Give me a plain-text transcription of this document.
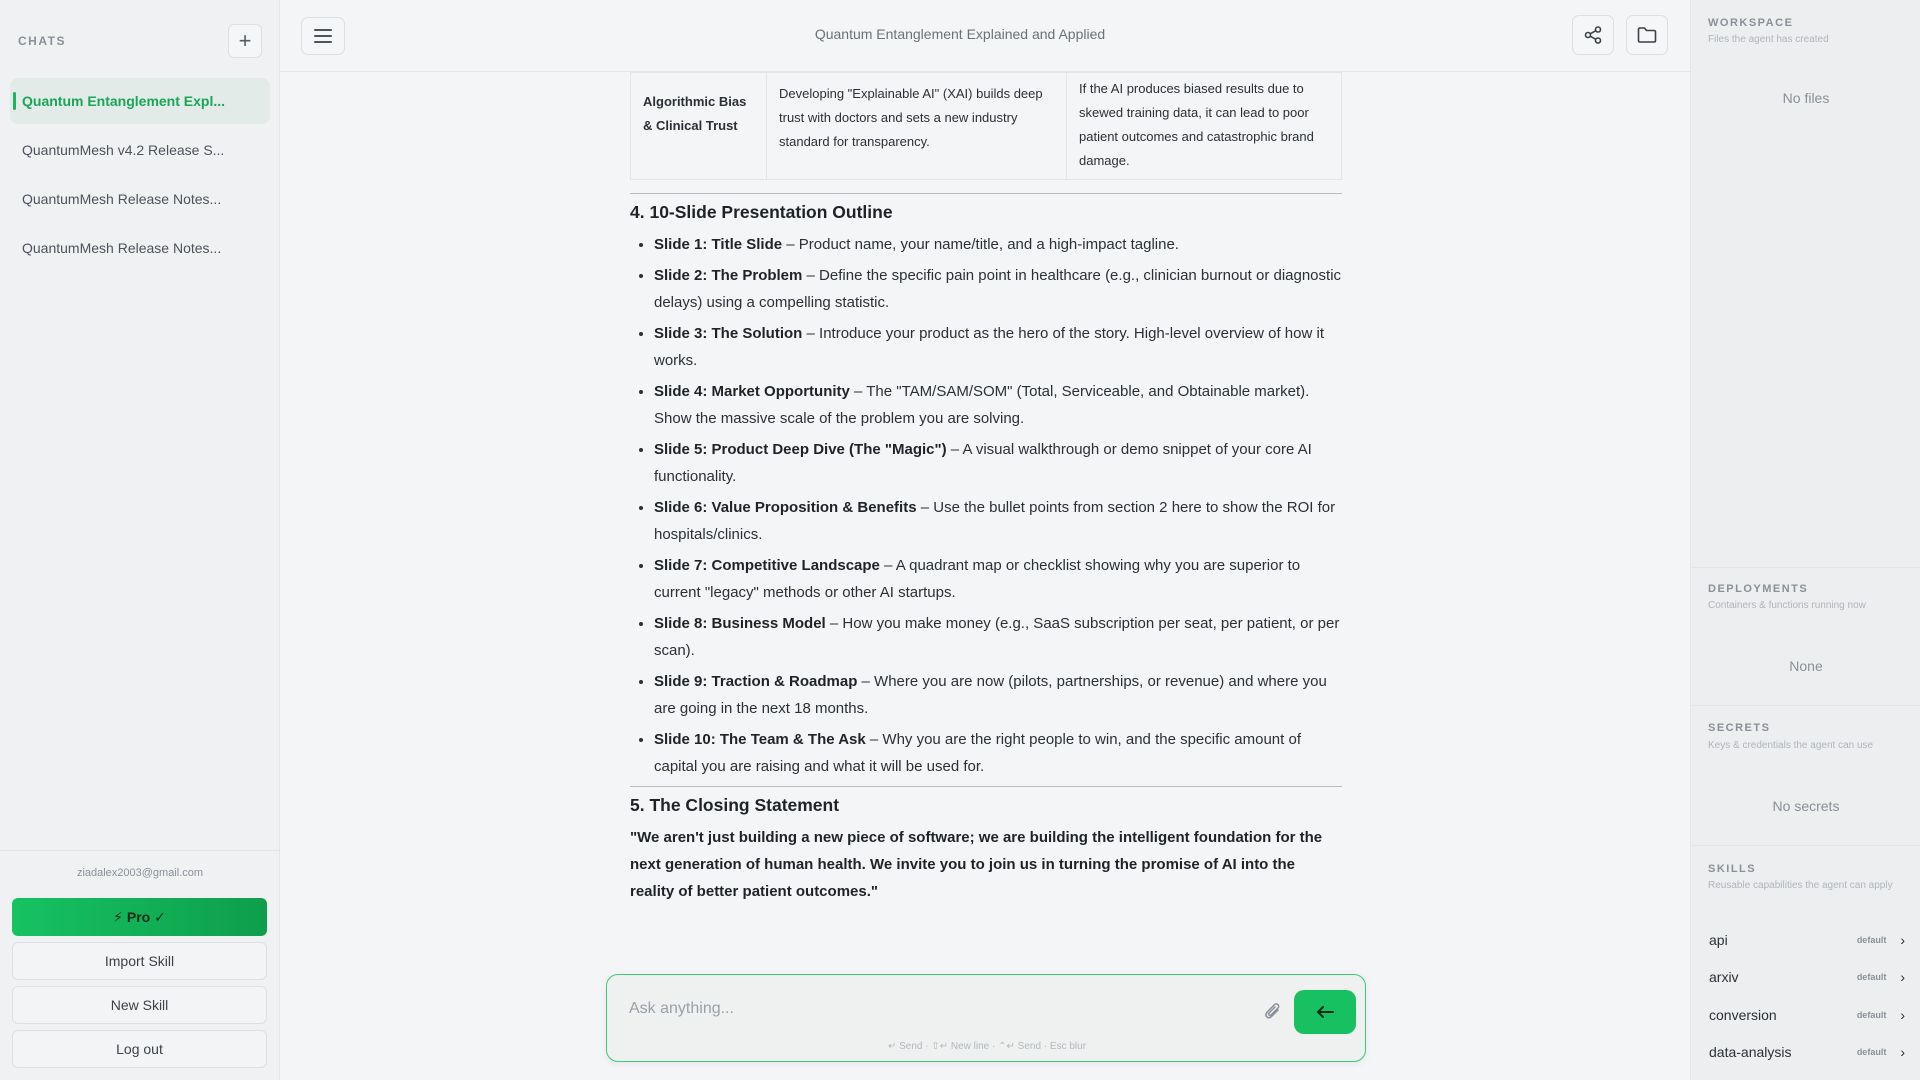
CHATS	+
Quantum Entanglement Expl...
QuantumMesh v4.2 Release S...
QuantumMesh Release Notes...
QuantumMesh Release Notes...
ziadalex2003@gmail.com
⚡ Pro ✓
Import Skill
New Skill
Log out
Quantum Entanglement Explained and Applied
Algorithmic Bias & Clinical Trust	Developing "Explainable AI" (XAI) builds deep trust with doctors and sets a new industry standard for transparency.	If the AI produces biased results due to skewed training data, it can lead to poor patient outcomes and catastrophic brand damage.
4. 10-Slide Presentation Outline
• Slide 1: Title Slide – Product name, your name/title, and a high-impact tagline.
• Slide 2: The Problem – Define the specific pain point in healthcare (e.g., clinician burnout or diagnostic delays) using a compelling statistic.
• Slide 3: The Solution – Introduce your product as the hero of the story. High-level overview of how it works.
• Slide 4: Market Opportunity – The "TAM/SAM/SOM" (Total, Serviceable, and Obtainable market). Show the massive scale of the problem you are solving.
• Slide 5: Product Deep Dive (The "Magic") – A visual walkthrough or demo snippet of your core AI functionality.
• Slide 6: Value Proposition & Benefits – Use the bullet points from section 2 here to show the ROI for hospitals/clinics.
• Slide 7: Competitive Landscape – A quadrant map or checklist showing why you are superior to current "legacy" methods or other AI startups.
• Slide 8: Business Model – How you make money (e.g., SaaS subscription per seat, per patient, or per scan).
• Slide 9: Traction & Roadmap – Where you are now (pilots, partnerships, or revenue) and where you are going in the next 18 months.
• Slide 10: The Team & The Ask – Why you are the right people to win, and the specific amount of capital you are raising and what it will be used for.
5. The Closing Statement

"We aren't just building a new piece of software; we are building the intelligent foundation for the next generation of human health. We invite you to join us in turning the promise of AI into the reality of better patient outcomes."

Ask anything...
↵ Send · ⇧↵ New line · ⌃↵ Send · Esc blur
WORKSPACE
Files the agent has created
No files
DEPLOYMENTS
Containers & functions running now
None
SECRETS
Keys & credentials the agent can use
No secrets
SKILLS
Reusable capabilities the agent can apply
api	default ›
arxiv	default ›
conversion	default ›
data-analysis	default ›
